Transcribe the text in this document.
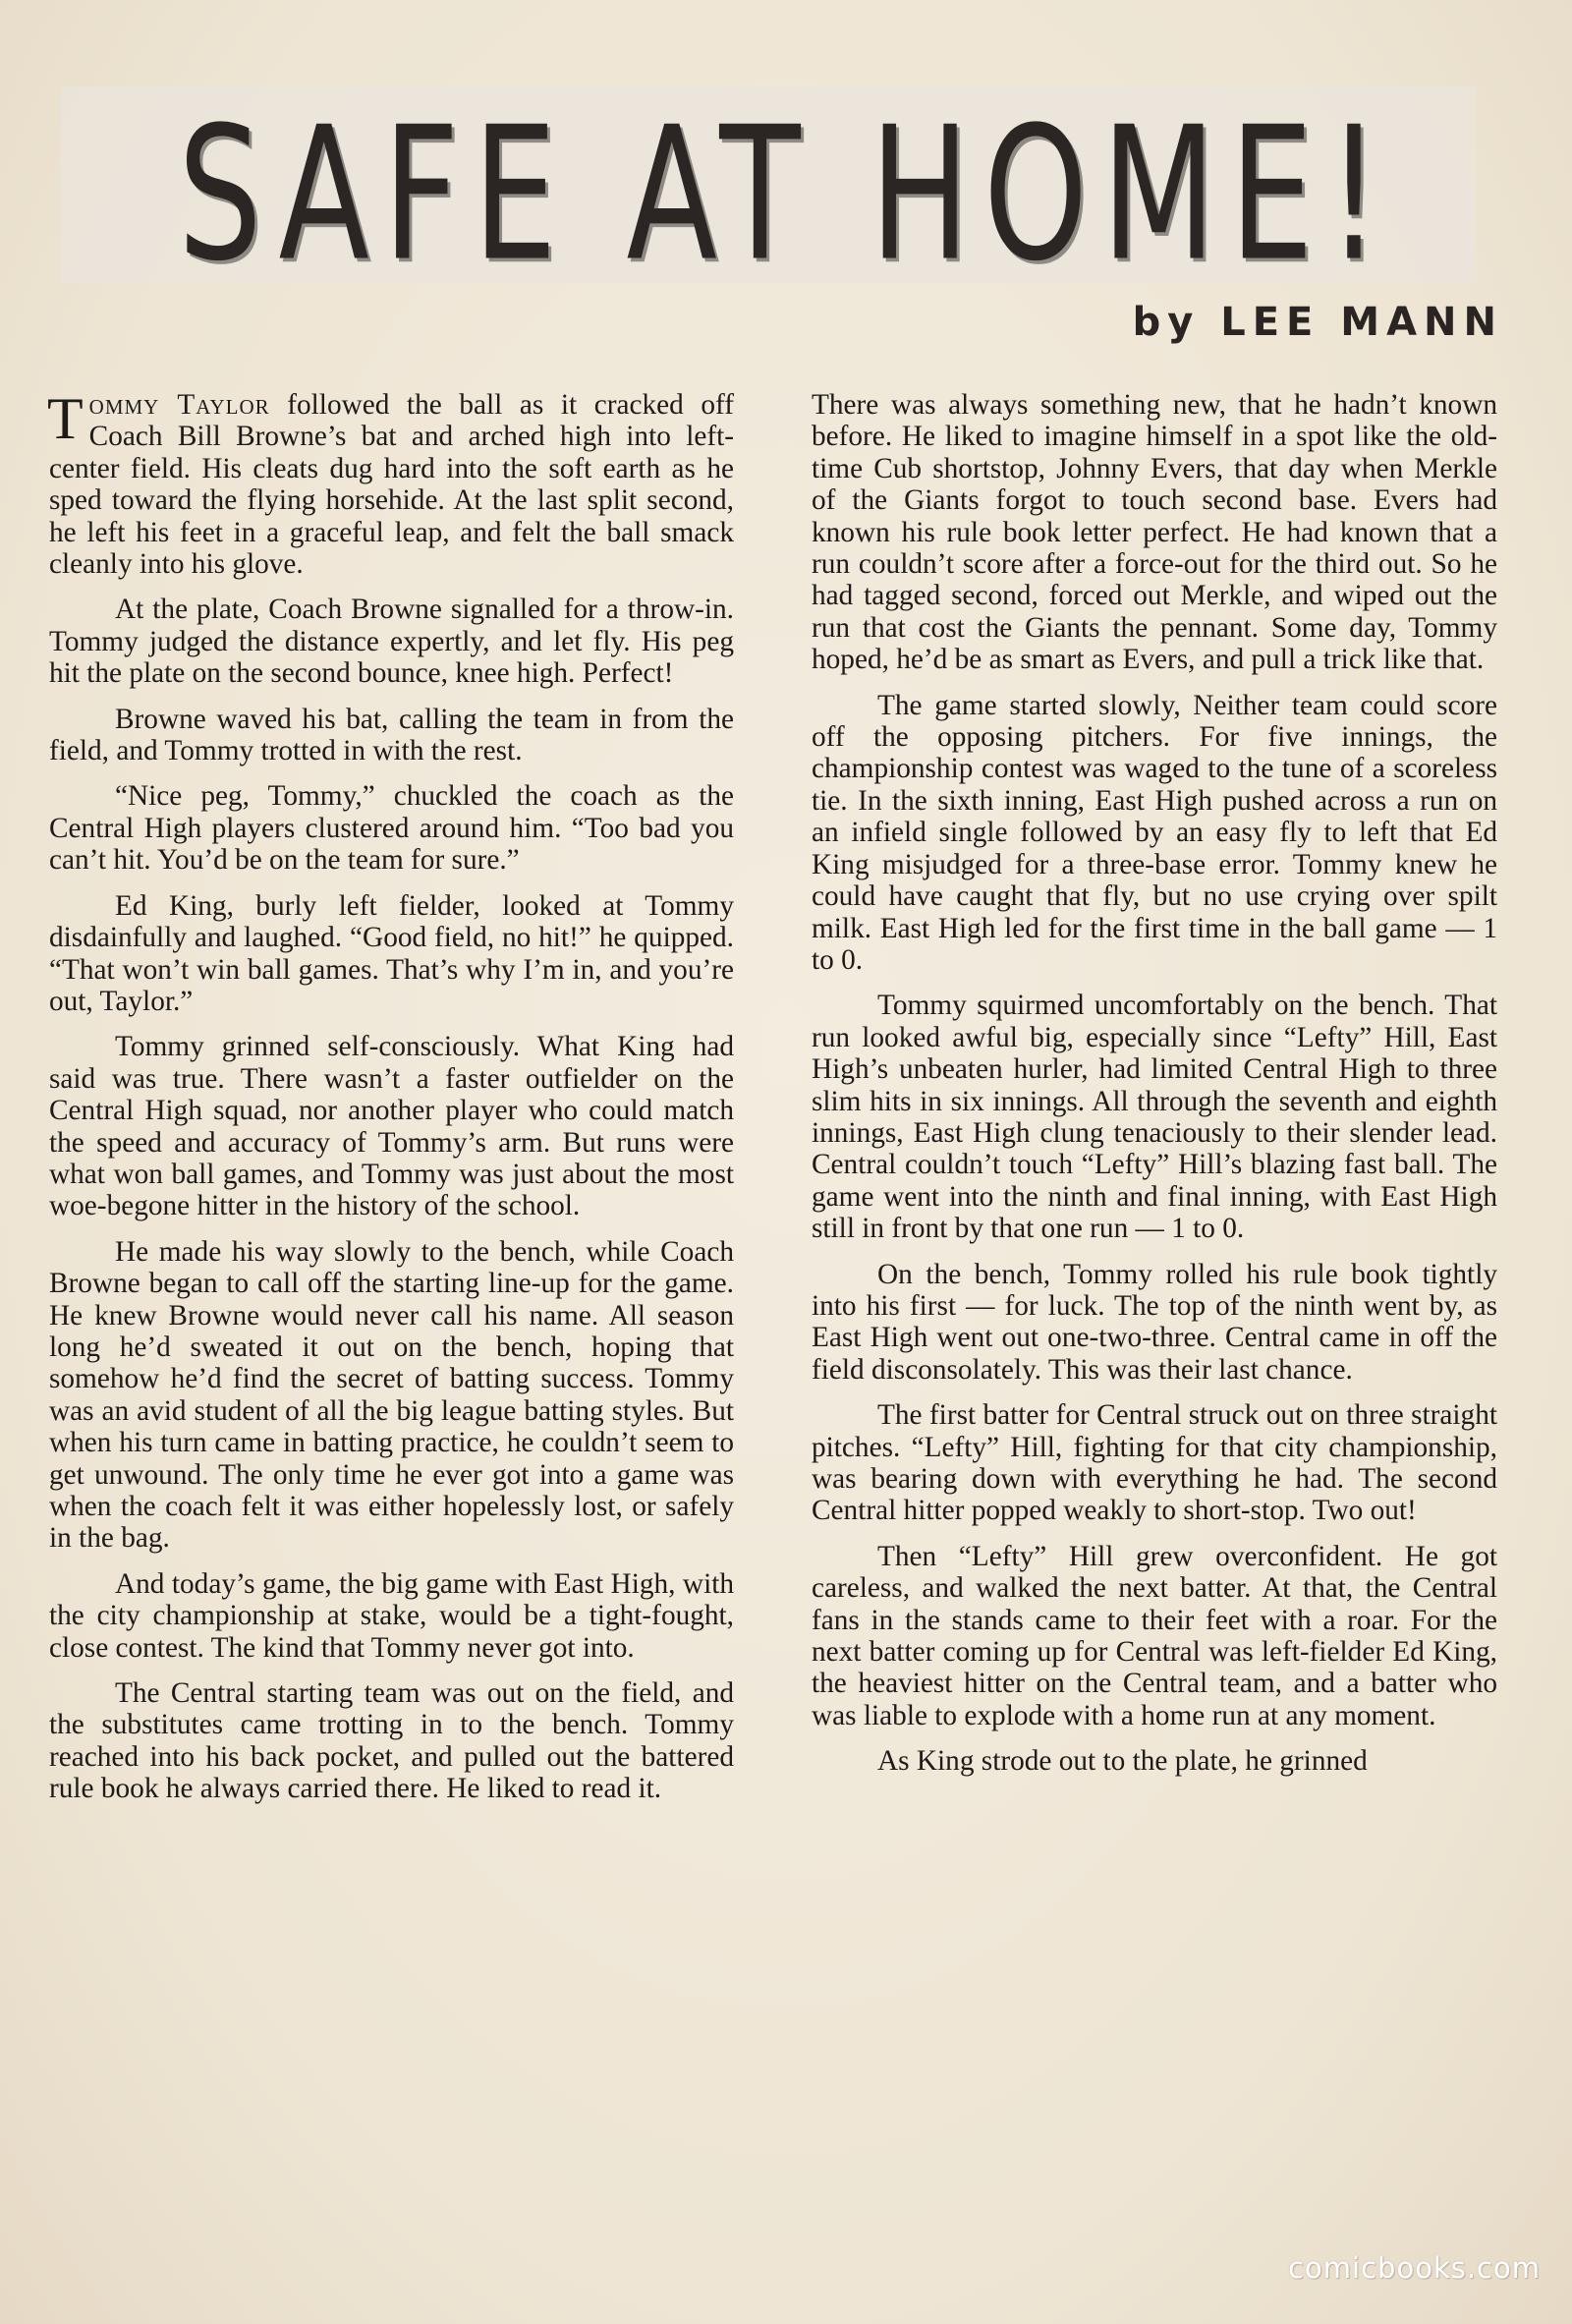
SAFE AT HOME!
by LEE MANN

Tommy Taylor followed the ball as it cracked off Coach Bill Browne’s bat and arched high into left-center field. His cleats dug hard into the soft earth as he sped toward the flying horsehide. At the last split second, he left his feet in a graceful leap, and felt the ball smack cleanly into his glove.

At the plate, Coach Browne signalled for a throw-in. Tommy judged the distance expertly, and let fly. His peg hit the plate on the second bounce, knee high. Perfect!

Browne waved his bat, calling the team in from the field, and Tommy trotted in with the rest.

“Nice peg, Tommy,” chuckled the coach as the Central High players clustered around him. “Too bad you can’t hit. You’d be on the team for sure.”

Ed King, burly left fielder, looked at Tommy disdainfully and laughed. “Good field, no hit!” he quipped. “That won’t win ball games. That’s why I’m in, and you’re out, Taylor.”

Tommy grinned self-consciously. What King had said was true. There wasn’t a faster outfielder on the Central High squad, nor another player who could match the speed and accuracy of Tommy’s arm. But runs were what won ball games, and Tommy was just about the most woe-begone hitter in the history of the school.

He made his way slowly to the bench, while Coach Browne began to call off the starting line-up for the game. He knew Browne would never call his name. All season long he’d sweated it out on the bench, hoping that somehow he’d find the secret of batting success. Tommy was an avid student of all the big league batting styles. But when his turn came in batting practice, he couldn’t seem to get unwound. The only time he ever got into a game was when the coach felt it was either hopelessly lost, or safely in the bag.

And today’s game, the big game with East High, with the city championship at stake, would be a tight-fought, close contest. The kind that Tommy never got into.

The Central starting team was out on the field, and the substitutes came trotting in to the bench. Tommy reached into his back pocket, and pulled out the battered rule book he always carried there. He liked to read it.

There was always something new, that he hadn’t known before. He liked to imagine himself in a spot like the old-time Cub shortstop, Johnny Evers, that day when Merkle of the Giants forgot to touch second base. Evers had known his rule book letter perfect. He had known that a run couldn’t score after a force-out for the third out. So he had tagged second, forced out Merkle, and wiped out the run that cost the Giants the pennant. Some day, Tommy hoped, he’d be as smart as Evers, and pull a trick like that.

The game started slowly, Neither team could score off the opposing pitchers. For five innings, the championship contest was waged to the tune of a scoreless tie. In the sixth inning, East High pushed across a run on an infield single followed by an easy fly to left that Ed King misjudged for a three-base error. Tommy knew he could have caught that fly, but no use crying over spilt milk. East High led for the first time in the ball game — 1 to 0.

Tommy squirmed uncomfortably on the bench. That run looked awful big, especially since “Lefty” Hill, East High’s unbeaten hurler, had limited Central High to three slim hits in six innings. All through the seventh and eighth innings, East High clung tenaciously to their slender lead. Central couldn’t touch “Lefty” Hill’s blazing fast ball. The game went into the ninth and final inning, with East High still in front by that one run — 1 to 0.

On the bench, Tommy rolled his rule book tightly into his first — for luck. The top of the ninth went by, as East High went out one-two-three. Central came in off the field disconsolately. This was their last chance.

The first batter for Central struck out on three straight pitches. “Lefty” Hill, fighting for that city championship, was bearing down with everything he had. The second Central hitter popped weakly to short-stop. Two out!

Then “Lefty” Hill grew overconfident. He got careless, and walked the next batter. At that, the Central fans in the stands came to their feet with a roar. For the next batter coming up for Central was left-fielder Ed King, the heaviest hitter on the Central team, and a batter who was liable to explode with a home run at any moment.

As King strode out to the plate, he grinned

comicbooks.com
